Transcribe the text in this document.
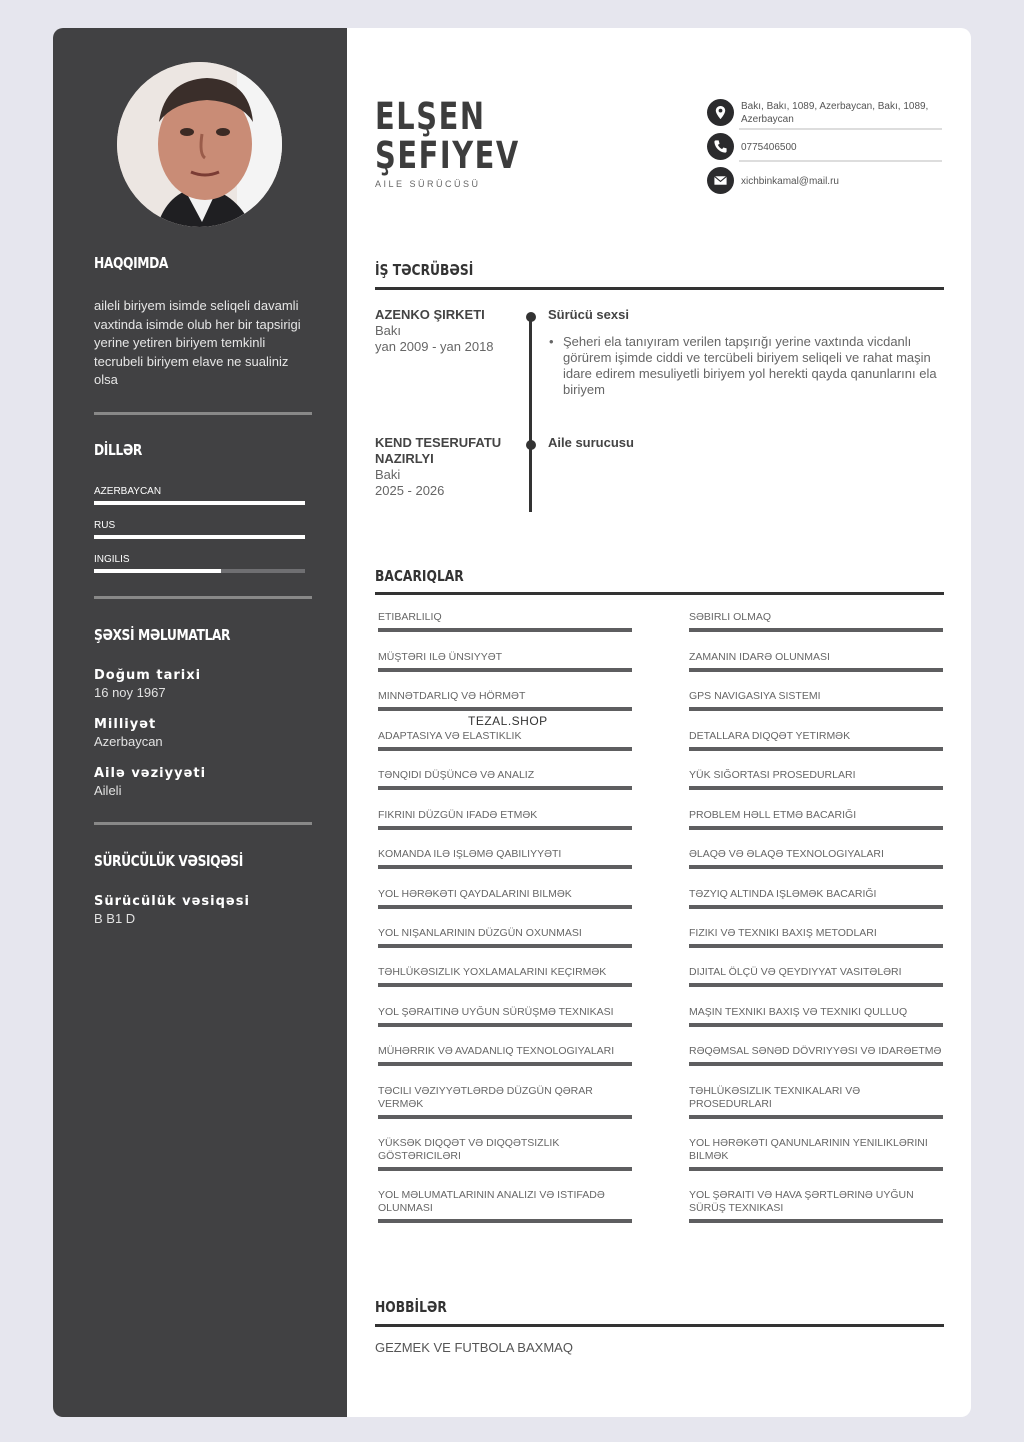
HAQQIMDA
aileli biriyem isimde seliqeli davamli vaxtinda isimde olub her bir tapsirigi yerine yetiren biriyem temkinli tecrubeli biriyem elave ne sualiniz olsa
DİLLƏR
AZERBAYCAN
RUS
INGILIS
ŞƏXSİ MƏLUMATLAR
Doğum tarixi
16 noy 1967
Milliyət
Azerbaycan
Ailə vəziyyəti
Aileli
SÜRÜCÜLÜK VƏSIQƏSİ
Sürücülük vəsiqəsi
B B1 D
ELŞEN
ŞEFIYEV
AILE SÜRÜCÜSÜ
Bakı, Bakı, 1089, Azerbaycan, Bakı, 1089, Azerbaycan
0775406500
xichbinkamal@mail.ru
İŞ TƏCRÜBƏSİ
AZENKO ŞIRKETI
Bakı
yan 2009 - yan 2018
Sürücü sexsi
• Şeheri ela tanıyıram verilen tapşırığı yerine vaxtında vicdanlı görürem işimde ciddi ve tercübeli biriyem seliqeli ve rahat maşin idare edirem mesuliyetli biriyem yol herekti qayda qanunlarını ela biriyem
KEND TESERUFATU NAZIRLYI
Baki
2025 - 2026
Aile surucusu
BACARIQLAR
ETIBARLILIQ
MÜŞTƏRI ILƏ ÜNSIYYƏT
MINNƏTDARLIQ VƏ HÖRMƏT
ADAPTASIYA VƏ ELASTIKLIK
TƏNQIDI DÜŞÜNCƏ VƏ ANALIZ
FIKRINI DÜZGÜN IFADƏ ETMƏK
KOMANDA ILƏ IŞLƏMƏ QABILIYYƏTI
YOL HƏRƏKƏTI QAYDALARINI BILMƏK
YOL NIŞANLARININ DÜZGÜN OXUNMASI
TƏHLÜKƏSIZLIK YOXLAMALARINI KEÇIRMƏK
YOL ŞƏRAITINƏ UYĞUN SÜRÜŞMƏ TEXNIKASI
MÜHƏRRIK VƏ AVADANLIQ TEXNOLOGIYALARI
TƏCILI VƏZIYYƏTLƏRDƏ DÜZGÜN QƏRAR VERMƏK
YÜKSƏK DIQQƏT VƏ DIQQƏTSIZLIK GÖSTƏRICILƏRI
YOL MƏLUMATLARININ ANALIZI VƏ ISTIFADƏ OLUNMASI
SƏBIRLI OLMAQ
ZAMANIN IDARƏ OLUNMASI
GPS NAVIGASIYA SISTEMI
DETALLARA DIQQƏT YETIRMƏK
YÜK SIĞORTASI PROSEDURLARI
PROBLEM HƏLL ETMƏ BACARIĞI
ƏLAQƏ VƏ ƏLAQƏ TEXNOLOGIYALARI
TƏZYIQ ALTINDA IŞLƏMƏK BACARIĞI
FIZIKI VƏ TEXNIKI BAXIŞ METODLARI
DIJITAL ÖLÇÜ VƏ QEYDIYYAT VASITƏLƏRI
MAŞIN TEXNIKI BAXIŞ VƏ TEXNIKI QULLUQ
RƏQƏMSAL SƏNƏD DÖVRIYYƏSI VƏ IDARƏETMƏ
TƏHLÜKƏSIZLIK TEXNIKALARI VƏ PROSEDURLARI
YOL HƏRƏKƏTI QANUNLARININ YENILIKLƏRINI BILMƏK
YOL ŞƏRAITI VƏ HAVA ŞƏRTLƏRINƏ UYĞUN SÜRÜŞ TEXNIKASI
HOBBİLƏR
GEZMEK VE FUTBOLA BAXMAQ
TEZAL.SHOP
